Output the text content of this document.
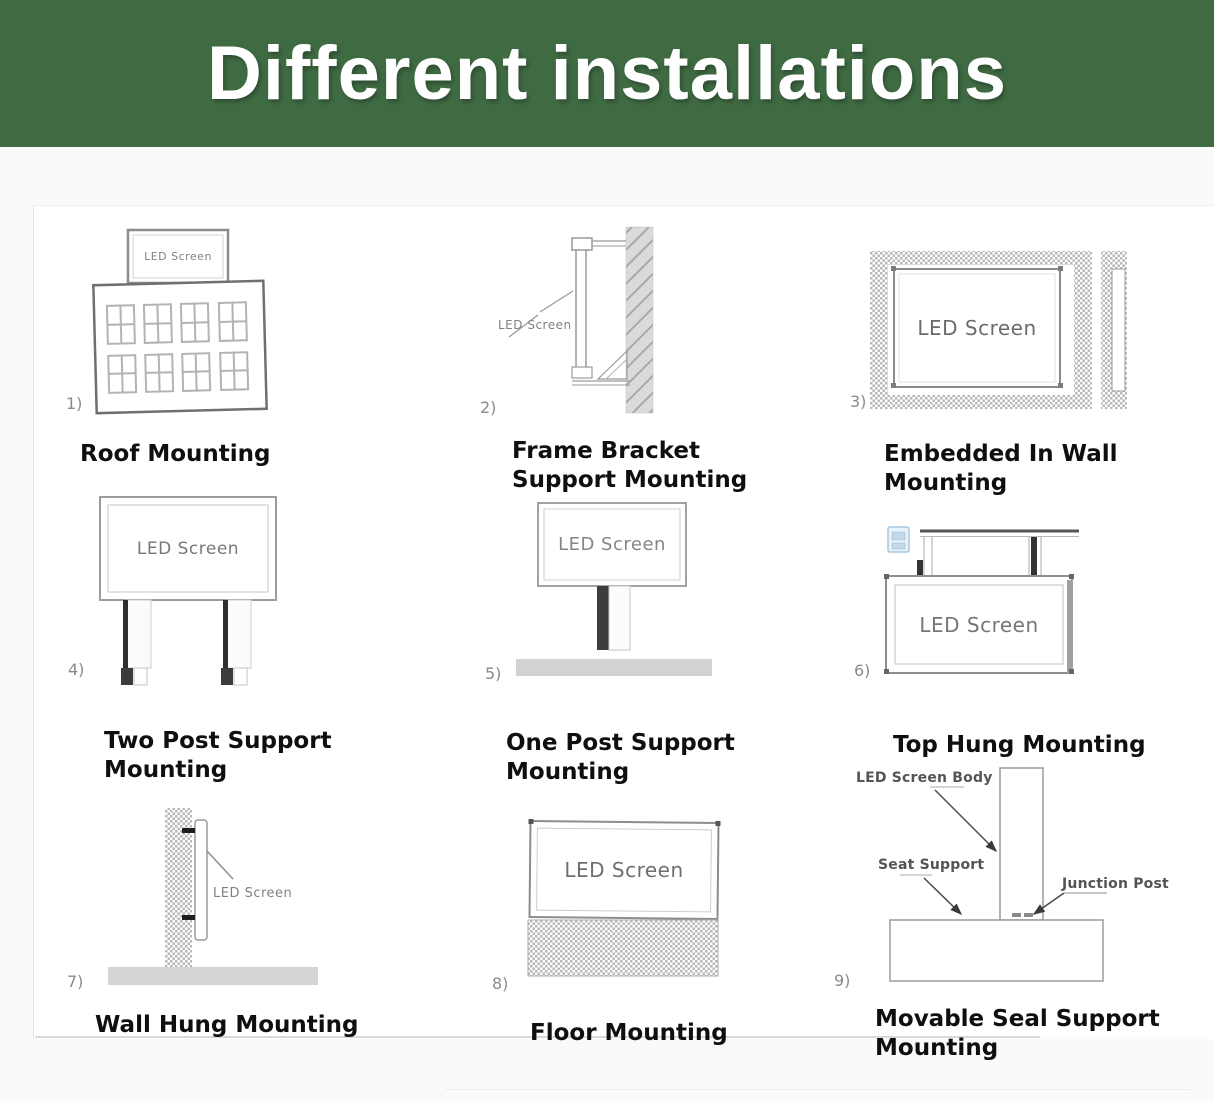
Different installations
LED Screen
1)
Roof Mounting

LED Screen
2)
Frame Bracket
Support Mounting
LED Screen
3)
Embedded In Wall
Mounting
LED Screen
4)
Two Post Support
Mounting
LED Screen
5)
One Post Support
Mounting
LED Screen
6)
Top Hung Mounting

LED Screen
7)
Wall Hung Mounting

LED Screen
8)
Floor Mounting

LED Screen Body
Seat Support
Junction Post
9)
Movable Seal Support
Mounting
